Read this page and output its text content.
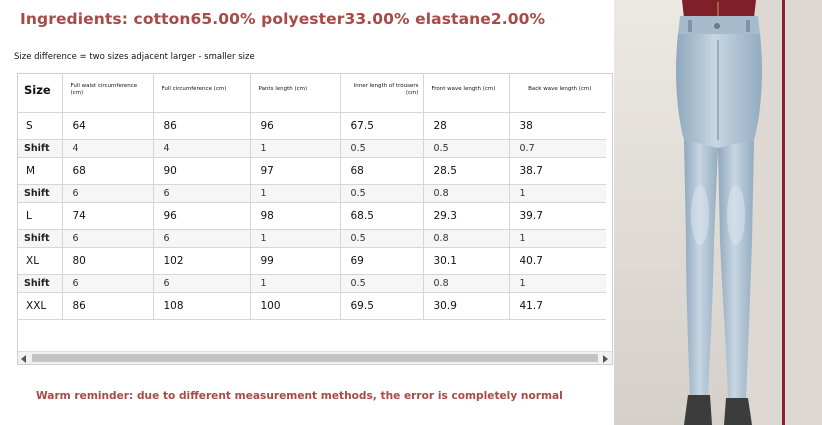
Ingredients: cotton65.00% polyester33.00% elastane2.00%
Size difference = two sizes adjacent larger - smaller size
Size	Full waist circumference (cm)	Full circumference (cm)	Pants length (cm)	Inner length of trousers (cm)	Front wave length (cm)	Back wave length (cm)
S	64	86	96	67.5	28	38
Shift	4	4	1	0.5	0.5	0.7
M	68	90	97	68	28.5	38.7
Shift	6	6	1	0.5	0.8	1
L	74	96	98	68.5	29.3	39.7
Shift	6	6	1	0.5	0.8	1
XL	80	102	99	69	30.1	40.7
Shift	6	6	1	0.5	0.8	1
XXL	86	108	100	69.5	30.9	41.7
Warm reminder: due to different measurement methods, the error is completely normal
